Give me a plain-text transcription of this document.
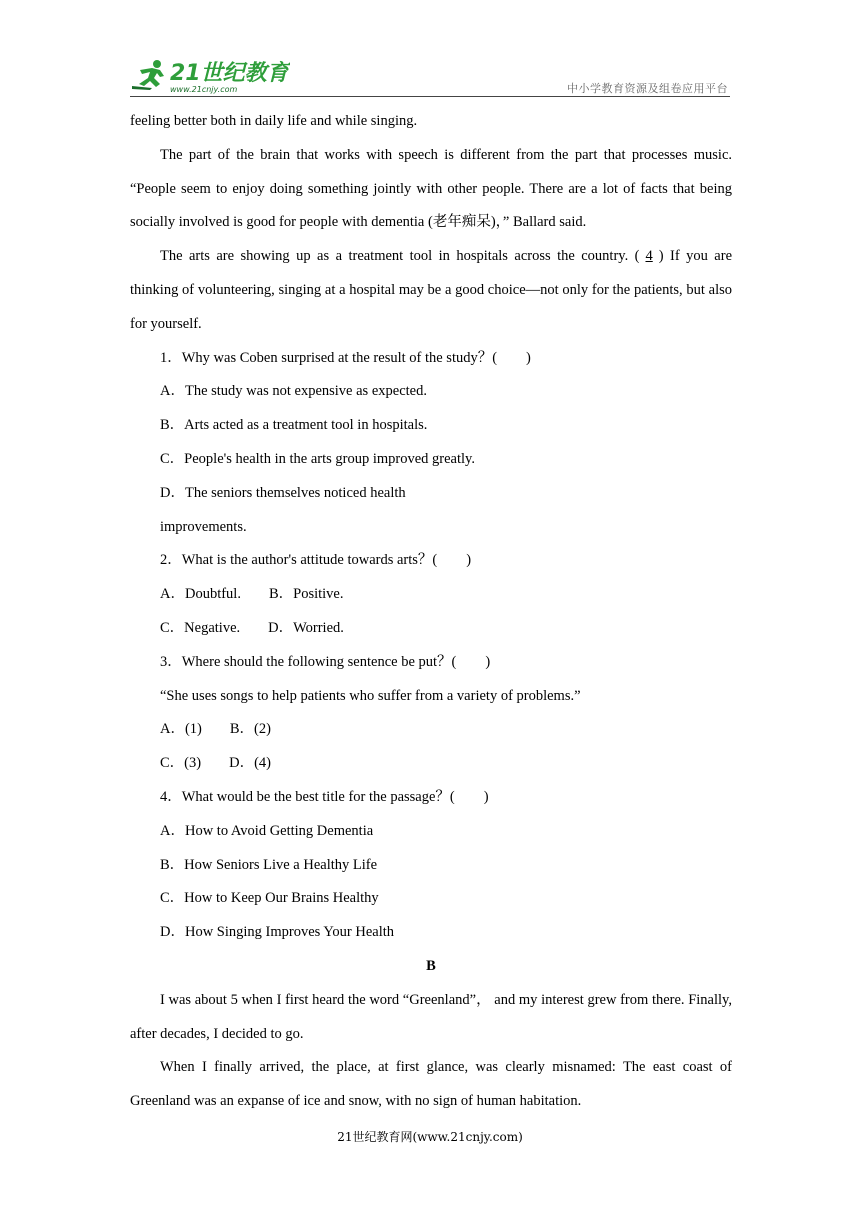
21世纪教育
www.21cnjy.com	中小学教育资源及组卷应用平台

feeling better both in daily life and while singing.

The part of the brain that works with speech is different from the part that processes music. “People seem to enjoy doing something jointly with other people. There are a lot of facts that being socially involved is good for people with dementia (老年痴呆)，” Ballard said.

The arts are showing up as a treatment tool in hospitals across the country. ( 4 ) If you are thinking of volunteering, singing at a hospital may be a good choice—not only for the patients, but also for yourself.

1．Why was Coben surprised at the result of the study？(　　)

A．The study was not expensive as expected.

B．Arts acted as a treatment tool in hospitals.

C．People's health in the arts group improved greatly.

D．The seniors themselves noticed health

improvements.

2．What is the author's attitude towards arts？(　　)

A．Doubtful. B．Positive.

C．Negative. D．Worried.

3．Where should the following sentence be put？(　　)

“She uses songs to help patients who suffer from a variety of problems.”

A．(1) B．(2)

C．(3) D．(4)

4．What would be the best title for the passage？(　　)

A．How to Avoid Getting Dementia

B．How Seniors Live a Healthy Life

C．How to Keep Our Brains Healthy

D．How Singing Improves Your Health

B

I was about 5 when I first heard the word “Greenland”， and my interest grew from there. Finally, after decades, I decided to go.

When I finally arrived, the place, at first glance, was clearly misnamed: The east coast of Greenland was an expanse of ice and snow, with no sign of human habitation.

21世纪教育网(www.21cnjy.com)
